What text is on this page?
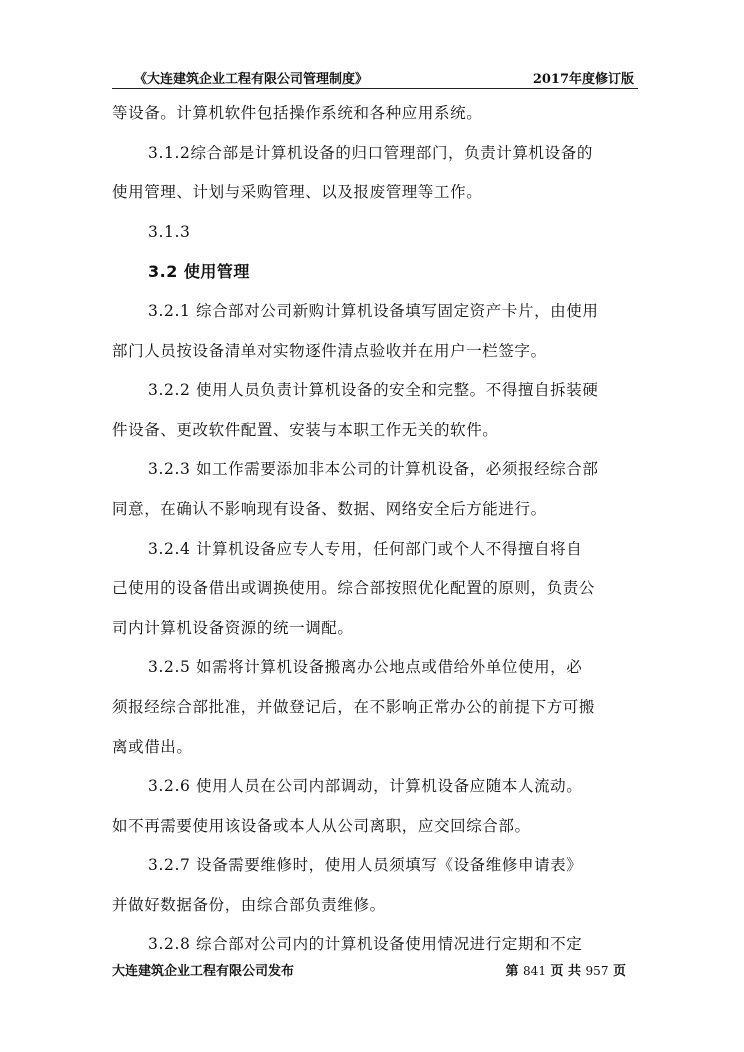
《大连建筑企业工程有限公司管理制度》	2017年度修订版
等设备。计算机软件包括操作系统和各种应用系统。
3.1.2综合部是计算机设备的归口管理部门，负责计算机设备的
使用管理、计划与采购管理、以及报废管理等工作。
3.1.3
3.2 使用管理
3.2.1 综合部对公司新购计算机设备填写固定资产卡片，由使用
部门人员按设备清单对实物逐件清点验收并在用户一栏签字。
3.2.2 使用人员负责计算机设备的安全和完整。不得擅自拆装硬
件设备、更改软件配置、安装与本职工作无关的软件。
3.2.3 如工作需要添加非本公司的计算机设备，必须报经综合部
同意，在确认不影响现有设备、数据、网络安全后方能进行。
3.2.4 计算机设备应专人专用，任何部门或个人不得擅自将自
己使用的设备借出或调换使用。综合部按照优化配置的原则，负责公
司内计算机设备资源的统一调配。
3.2.5 如需将计算机设备搬离办公地点或借给外单位使用，必
须报经综合部批准，并做登记后，在不影响正常办公的前提下方可搬
离或借出。
3.2.6 使用人员在公司内部调动，计算机设备应随本人流动。
如不再需要使用该设备或本人从公司离职，应交回综合部。
3.2.7 设备需要维修时，使用人员须填写《设备维修申请表》
并做好数据备份，由综合部负责维修。
3.2.8 综合部对公司内的计算机设备使用情况进行定期和不定
大连建筑企业工程有限公司发布	第 841 页 共 957 页
